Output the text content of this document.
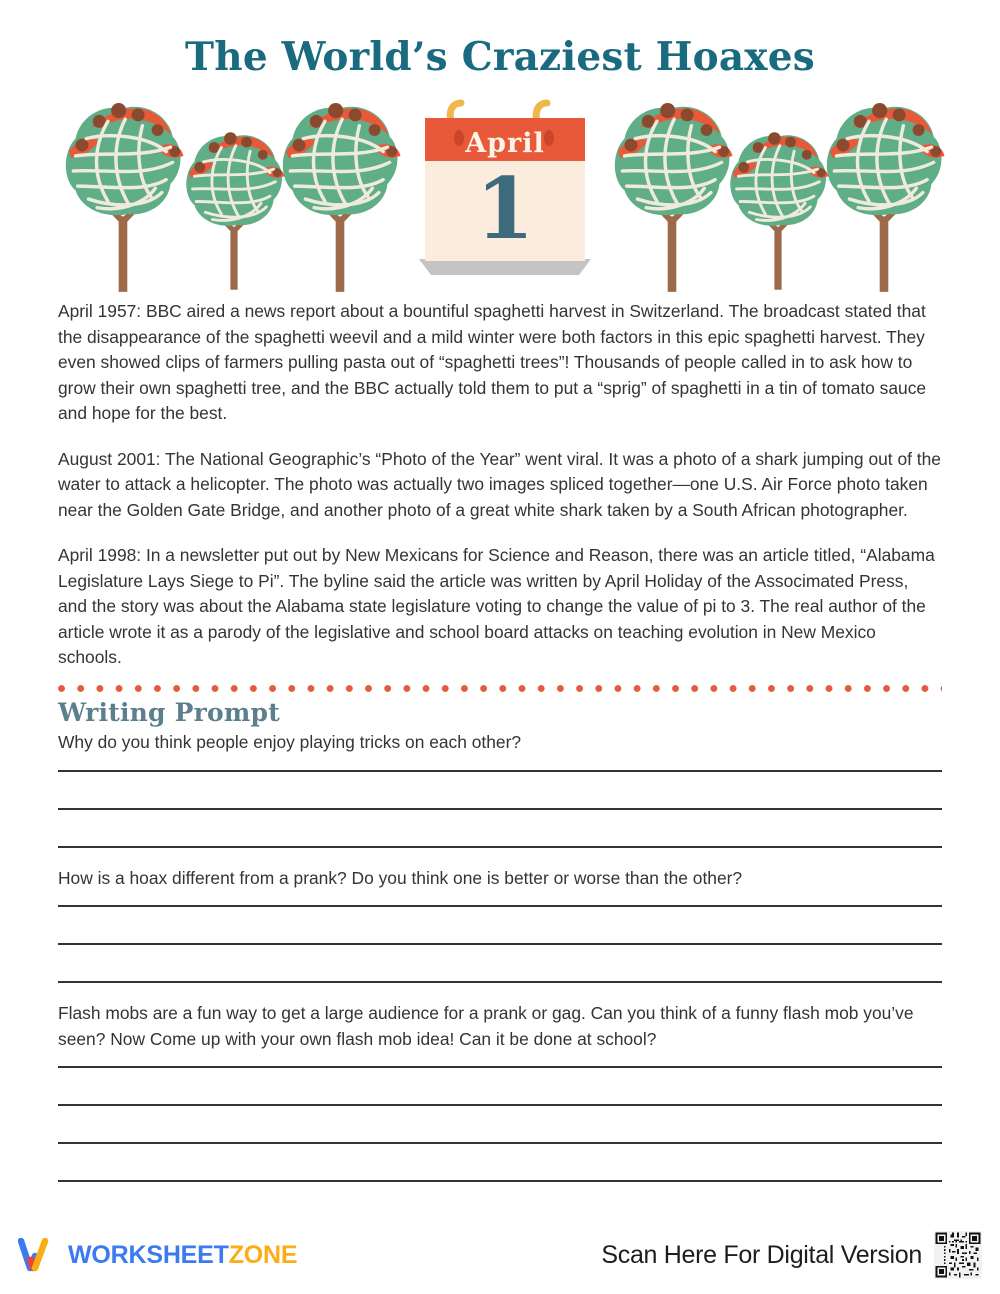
The World’s Craziest Hoaxes
April
1
April 1957: BBC aired a news report about a bountiful spaghetti harvest in Switzerland. The broadcast stated that the disappearance of the spaghetti weevil and a mild winter were both factors in this epic spaghetti harvest. They even showed clips of farmers pulling pasta out of “spaghetti trees”! Thousands of people called in to ask how to grow their own spaghetti tree, and the BBC actually told them to put a “sprig” of spaghetti in a tin of tomato sauce and hope for the best.
August 2001: The National Geographic’s “Photo of the Year” went viral. It was a photo of a shark jumping out of the water to attack a helicopter. The photo was actually two images spliced together—one U.S. Air Force photo taken near the Golden Gate Bridge, and another photo of a great white shark taken by a South African photographer.
April 1998: In a newsletter put out by New Mexicans for Science and Reason, there was an article titled, “Alabama Legislature Lays Siege to Pi”. The byline said the article was written by April Holiday of the Associmated Press, and the story was about the Alabama state legislature voting to change the value of pi to 3. The real author of the article wrote it as a parody of the legislative and school board attacks on teaching evolution in New Mexico schools.
Writing Prompt
Why do you think people enjoy playing tricks on each other?
How is a hoax different from a prank? Do you think one is better or worse than the other?
Flash mobs are a fun way to get a large audience for a prank or gag. Can you think of a funny flash mob you’ve seen? Now Come up with your own flash mob idea! Can it be done at school?
WORKSHEETZONE	Scan Here For Digital Version
